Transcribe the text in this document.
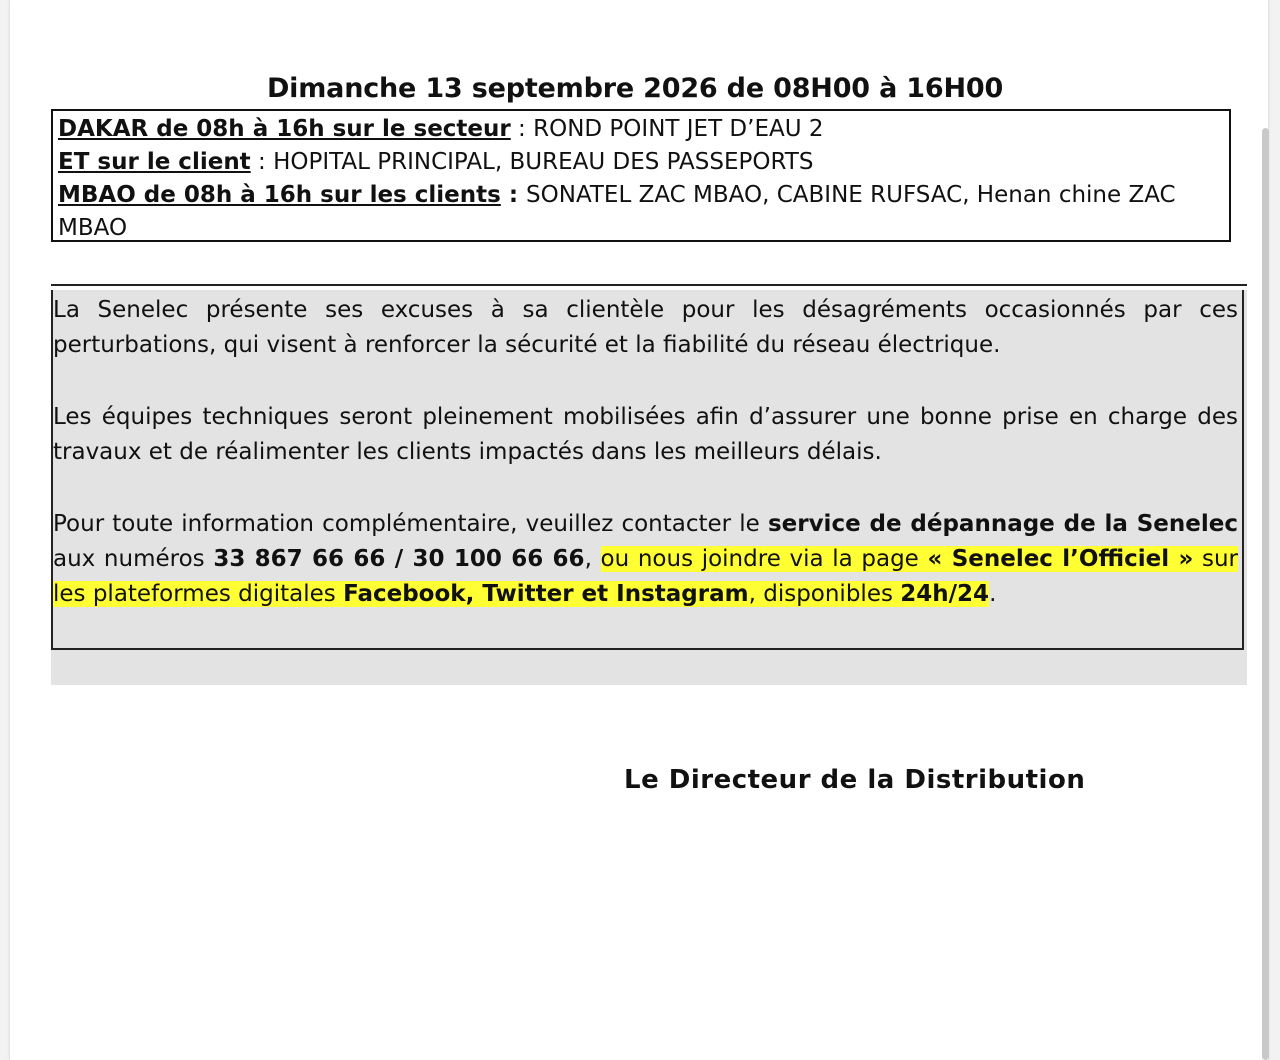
Dimanche 13 septembre 2026 de 08H00 à 16H00
DAKAR de 08h à 16h sur le secteur : ROND POINT JET D’EAU 2
ET sur le client : HOPITAL PRINCIPAL, BUREAU DES PASSEPORTS
MBAO de 08h à 16h sur les clients : SONATEL ZAC MBAO, CABINE RUFSAC, Henan chine ZAC MBAO
La Senelec présente ses excuses à sa clientèle pour les désagréments occasionnés par ces perturbations, qui visent à renforcer la sécurité et la fiabilité du réseau électrique.
Les équipes techniques seront pleinement mobilisées afin d’assurer une bonne prise en charge des travaux et de réalimenter les clients impactés dans les meilleurs délais.
Pour toute information complémentaire, veuillez contacter le service de dépannage de la Senelec aux numéros 33 867 66 66 / 30 100 66 66, ou nous joindre via la page « Senelec l’Officiel » sur les plateformes digitales Facebook, Twitter et Instagram, disponibles 24h/24.
Le Directeur de la Distribution
